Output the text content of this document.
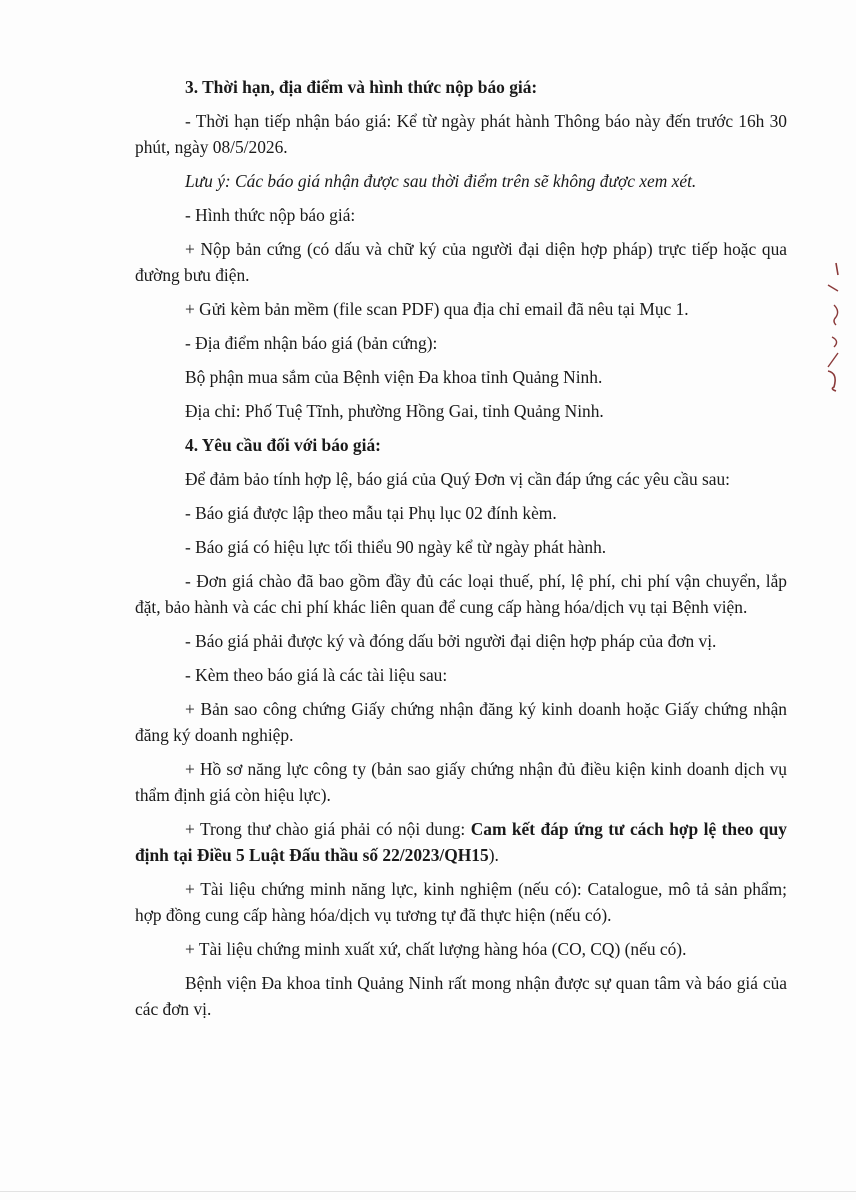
3. Thời hạn, địa điểm và hình thức nộp báo giá:

- Thời hạn tiếp nhận báo giá: Kể từ ngày phát hành Thông báo này đến trước 16h 30 phút, ngày 08/5/2026.

Lưu ý: Các báo giá nhận được sau thời điểm trên sẽ không được xem xét.

- Hình thức nộp báo giá:

+ Nộp bản cứng (có dấu và chữ ký của người đại diện hợp pháp) trực tiếp hoặc qua đường bưu điện.

+ Gửi kèm bản mềm (file scan PDF) qua địa chỉ email đã nêu tại Mục 1.

- Địa điểm nhận báo giá (bản cứng):

Bộ phận mua sắm của Bệnh viện Đa khoa tỉnh Quảng Ninh.

Địa chỉ: Phố Tuệ Tĩnh, phường Hồng Gai, tỉnh Quảng Ninh.

4. Yêu cầu đối với báo giá:

Để đảm bảo tính hợp lệ, báo giá của Quý Đơn vị cần đáp ứng các yêu cầu sau:

- Báo giá được lập theo mẫu tại Phụ lục 02 đính kèm.

- Báo giá có hiệu lực tối thiểu 90 ngày kể từ ngày phát hành.

- Đơn giá chào đã bao gồm đầy đủ các loại thuế, phí, lệ phí, chi phí vận chuyển, lắp đặt, bảo hành và các chi phí khác liên quan để cung cấp hàng hóa/dịch vụ tại Bệnh viện.

- Báo giá phải được ký và đóng dấu bởi người đại diện hợp pháp của đơn vị.

- Kèm theo báo giá là các tài liệu sau:

+ Bản sao công chứng Giấy chứng nhận đăng ký kinh doanh hoặc Giấy chứng nhận đăng ký doanh nghiệp.

+ Hồ sơ năng lực công ty (bản sao giấy chứng nhận đủ điều kiện kinh doanh dịch vụ thẩm định giá còn hiệu lực).

+ Trong thư chào giá phải có nội dung: Cam kết đáp ứng tư cách hợp lệ theo quy định tại Điều 5 Luật Đấu thầu số 22/2023/QH15).

+ Tài liệu chứng minh năng lực, kinh nghiệm (nếu có): Catalogue, mô tả sản phẩm; hợp đồng cung cấp hàng hóa/dịch vụ tương tự đã thực hiện (nếu có).

+ Tài liệu chứng minh xuất xứ, chất lượng hàng hóa (CO, CQ) (nếu có).

Bệnh viện Đa khoa tỉnh Quảng Ninh rất mong nhận được sự quan tâm và báo giá của các đơn vị.
